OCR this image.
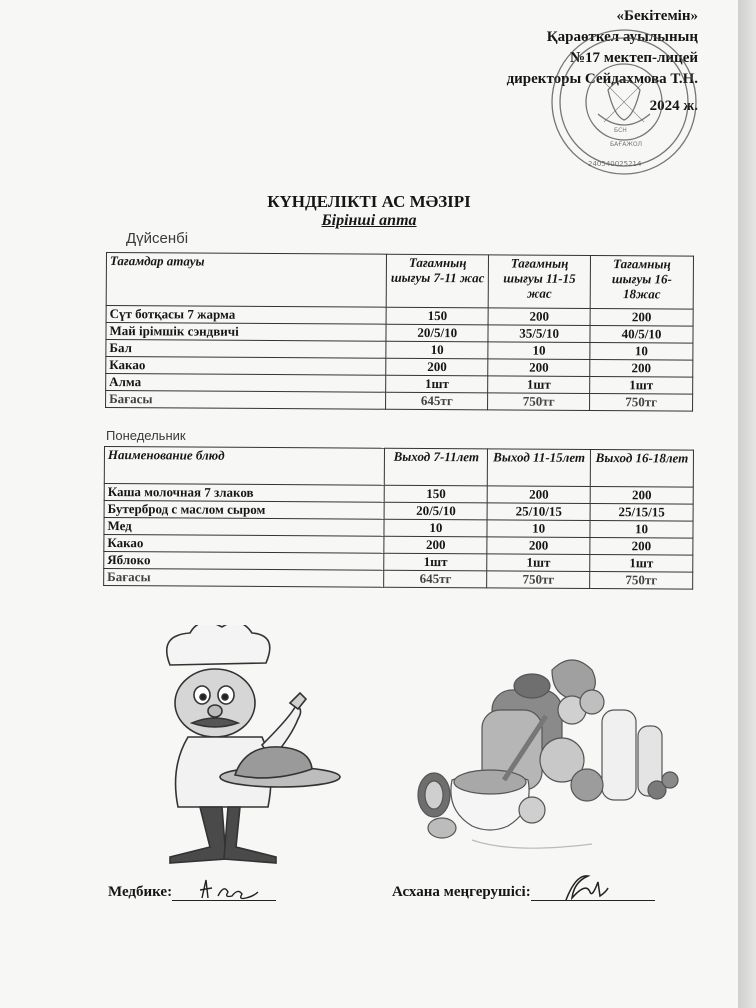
«Бекітемін»
Қараөткел ауылының
№17 мектеп-лицей
директоры Сейдахмова Т.Н.
2024 ж.
БАҒАЖОЛ
БСН
240540025214
КҮНДЕЛІКТІ АС МӘЗІРІ
Бірінші апта
Дүйсенбі
Тағамдар атауы	Тағамның шығуы 7-11 жас	Тағамның шығуы 11-15 жас	Тағамның шығуы 16-18жас
Сүт ботқасы 7 жарма	150	200	200
Май ірімшік сэндвичі	20/5/10	35/5/10	40/5/10
Бал	10	10	10
Какао	200	200	200
Алма	1шт	1шт	1шт
Бағасы	645тг	750тг	750тг
Понедельник
Наименование блюд	Выход 7-11лет	Выход 11-15лет	Выход 16-18лет
Каша молочная 7 злаков	150	200	200
Бутерброд с маслом сыром	20/5/10	25/10/15	25/15/15
Мед	10	10	10
Какао	200	200	200
Яблоко	1шт	1шт	1шт
Бағасы	645тг	750тг	750тг
Медбике:	Асхана меңгерушісі:
